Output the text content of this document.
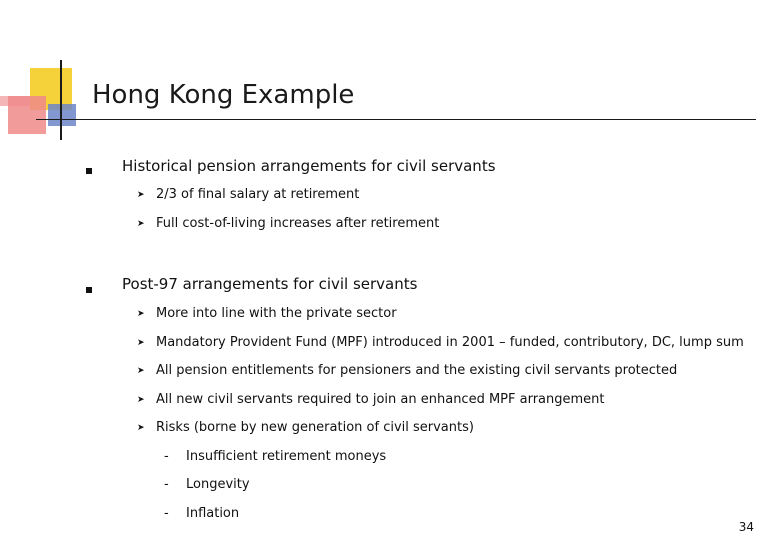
Hong Kong Example
Historical pension arrangements for civil servants
➤ 2/3 of final salary at retirement
➤ Full cost-of-living increases after retirement
Post-97 arrangements for civil servants
➤ More into line with the private sector
➤ Mandatory Provident Fund (MPF) introduced in 2001 – funded, contributory, DC, lump sum
➤ All pension entitlements for pensioners and the existing civil servants protected
➤ All new civil servants required to join an enhanced MPF arrangement
➤ Risks (borne by new generation of civil servants)
- Insufficient retirement moneys
- Longevity
- Inflation
34
